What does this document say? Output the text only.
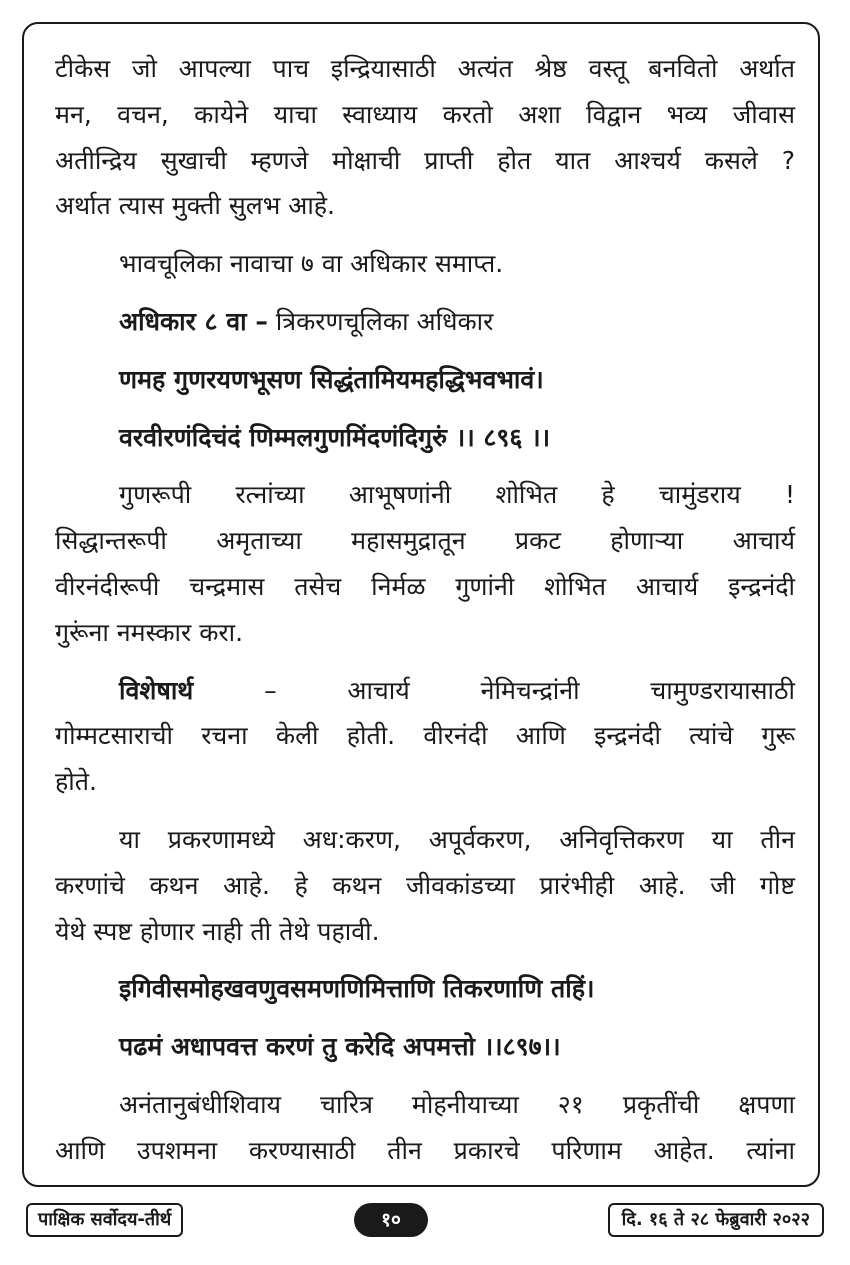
टीकेस जो आपल्या पाच इन्द्रियासाठी अत्यंत श्रेष्ठ वस्तू बनवितो अर्थात

मन, वचन, कायेने याचा स्वाध्याय करतो अशा विद्वान भव्य जीवास

अतीन्द्रिय सुखाची म्हणजे मोक्षाची प्राप्ती होत यात आश्चर्य कसले ?

अर्थात त्यास मुक्ती सुलभ आहे.

भावचूलिका नावाचा ७ वा अधिकार समाप्त.

अधिकार ८ वा – त्रिकरणचूलिका अधिकार

णमह गुणरयणभूसण सिद्धंतामियमहद्धिभवभावं।

वरवीरणंदिचंदं णिम्मलगुणमिंदणंदिगुरुं ।। ८९६ ।।

गुणरूपी रत्नांच्या आभूषणांनी शोभित हे चामुंडराय !

सिद्धान्तरूपी अमृताच्या महासमुद्रातून प्रकट होणाऱ्या आचार्य

वीरनंदीरूपी चन्द्रमास तसेच निर्मळ गुणांनी शोभित आचार्य इन्द्रनंदी

गुरूंना नमस्कार करा.

विशेषार्थ – आचार्य नेमिचन्द्रांनी चामुण्डरायासाठी

गोम्मटसाराची रचना केली होती. वीरनंदी आणि इन्द्रनंदी त्यांचे गुरू

होते.

या प्रकरणामध्ये अध:करण, अपूर्वकरण, अनिवृत्तिकरण या तीन

करणांचे कथन आहे. हे कथन जीवकांडच्या प्रारंभीही आहे. जी गोष्ट

येथे स्पष्ट होणार नाही ती तेथे पहावी.

इगिवीसमोहखवणुवसमणणिमित्ताणि तिकरणाणि तहिं।

पढमं अधापवत्त करणं तु करेदि अपमत्तो ।।८९७।।

अनंतानुबंधीशिवाय चारित्र मोहनीयाच्या २१ प्रकृतींची क्षपणा

आणि उपशमना करण्यासाठी तीन प्रकारचे परिणाम आहेत. त्यांना

पाक्षिक सर्वोदय-तीर्थ	१०	दि. १६ ते २८ फेब्रुवारी २०२२
